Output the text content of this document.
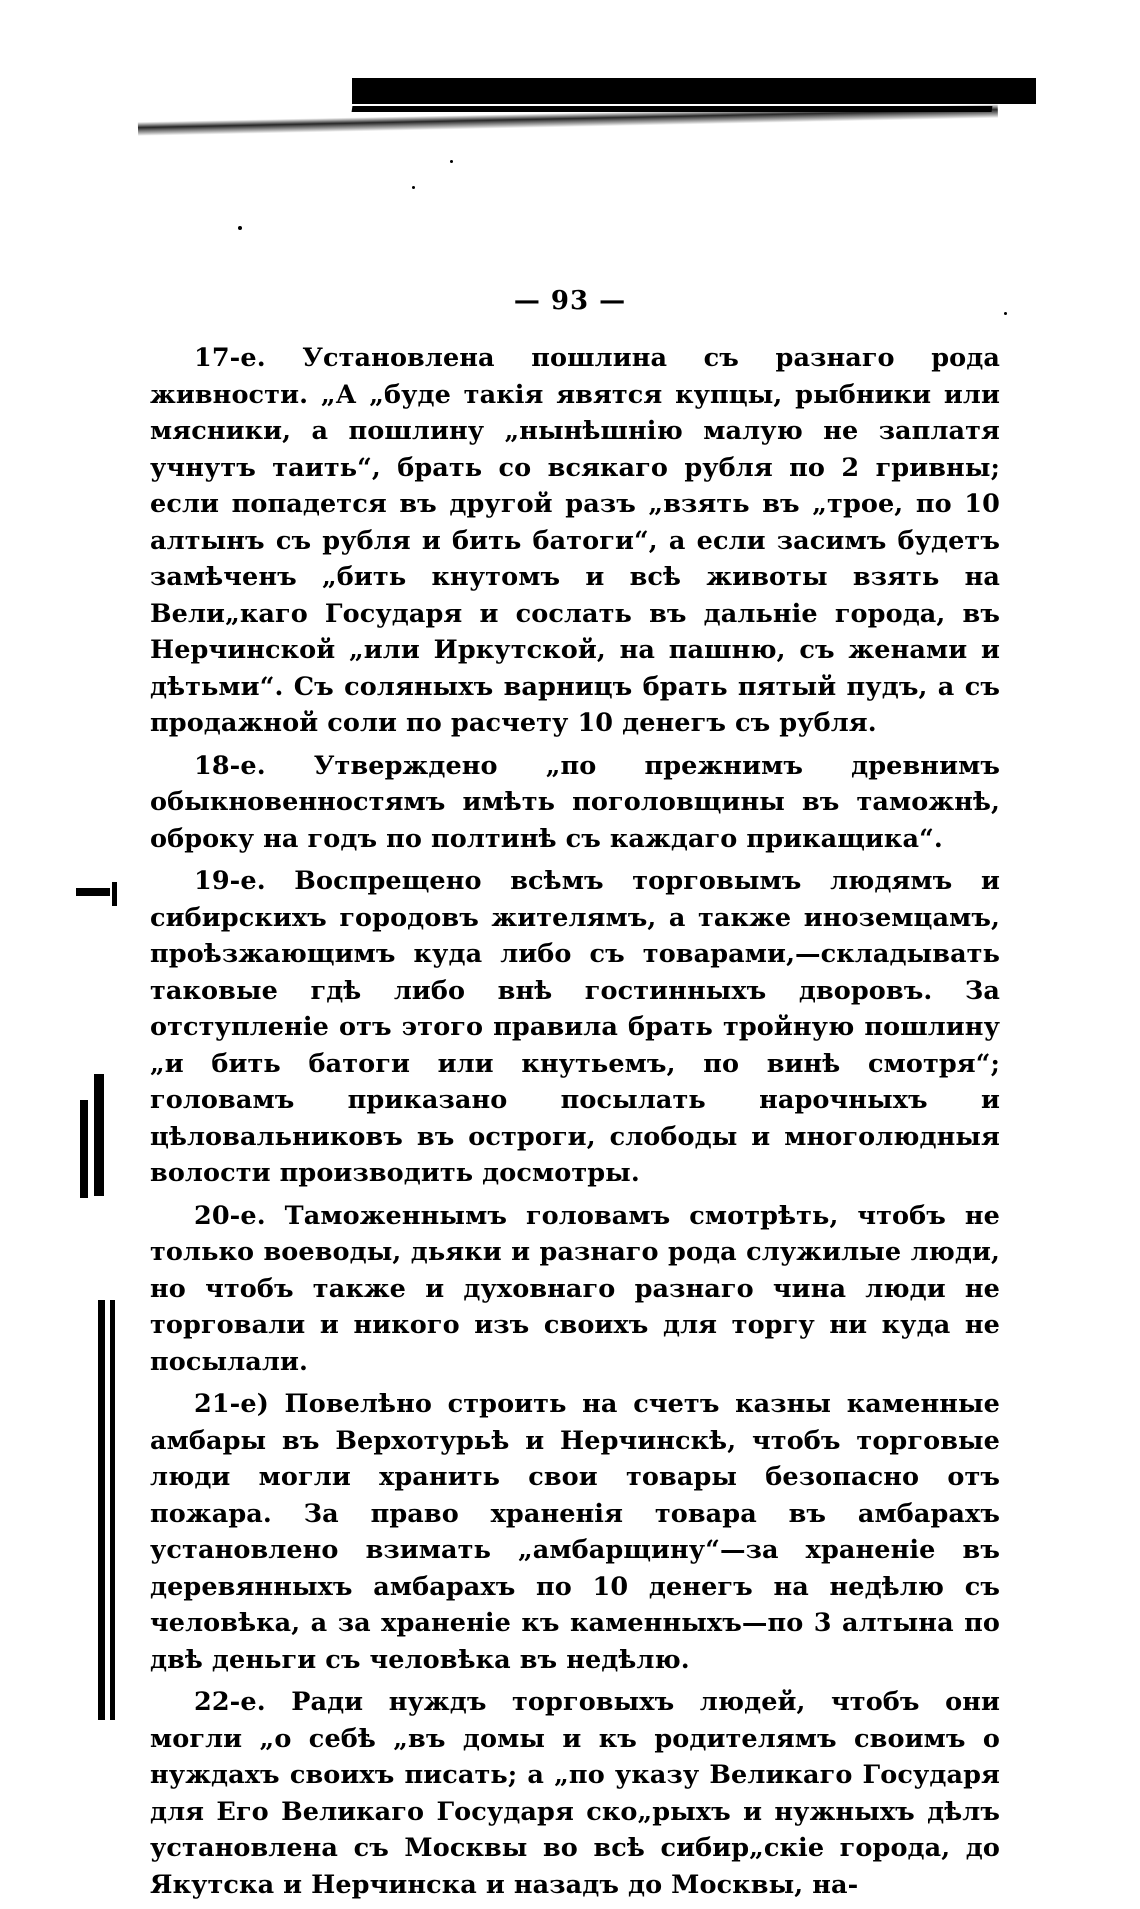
— 93 —

17-е. Установлена пошлина съ разнаго рода живности. „А „буде такія явятся купцы, рыбники или мясники, а пошлину „нынѣшнію малую не заплатя учнутъ таить“, брать со всякаго рубля по 2 гривны; если попадется въ другой разъ „взять въ „трое, по 10 алтынъ съ рубля и бить батоги“, а если засимъ будетъ замѣченъ „бить кнутомъ и всѣ животы взять на Вели„каго Государя и сослать въ дальніе города, въ Нерчинской „или Иркутской, на пашню, съ женами и дѣтьми“. Съ соляныхъ варницъ брать пятый пудъ, а съ продажной соли по расчету 10 денегъ съ рубля.

18-е. Утверждено „по прежнимъ древнимъ обыкновенностямъ имѣть поголовщины въ таможнѣ, оброку на годъ по полтинѣ съ каждаго прикащика“.

19-е. Воспрещено всѣмъ торговымъ людямъ и сибирскихъ городовъ жителямъ, а также иноземцамъ, проѣзжающимъ куда либо съ товарами,—складывать таковые гдѣ либо внѣ гостинныхъ дворовъ. За отступленіе отъ этого правила брать тройную пошлину „и бить батоги или кнутьемъ, по винѣ смотря“; головамъ приказано посылать нарочныхъ и цѣловальниковъ въ остроги, слободы и многолюдныя волости производить досмотры.

20-е. Таможеннымъ головамъ смотрѣть, чтобъ не только воеводы, дьяки и разнаго рода служилые люди, но чтобъ также и духовнаго разнаго чина люди не торговали и никого изъ своихъ для торгу ни куда не посылали.

21-е) Повелѣно строить на счетъ казны каменные амбары въ Верхотурьѣ и Нерчинскѣ, чтобъ торговые люди могли хранить свои товары безопасно отъ пожара. За право храненія товара въ амбарахъ установлено взимать „амбарщину“—за храненіе въ деревянныхъ амбарахъ по 10 денегъ на недѣлю съ человѣка, а за храненіе къ каменныхъ—по 3 алтына по двѣ деньги съ человѣка въ недѣлю.

22-е. Ради нуждъ торговыхъ людей, чтобъ они могли „о себѣ „въ домы и къ родителямъ своимъ о нуждахъ своихъ писать; а „по указу Великаго Государя для Его Великаго Государя ско„рыхъ и нужныхъ дѣлъ установлена съ Москвы во всѣ сибир„скіе города, до Якутска и Нерчинска и назадъ до Москвы, на-
